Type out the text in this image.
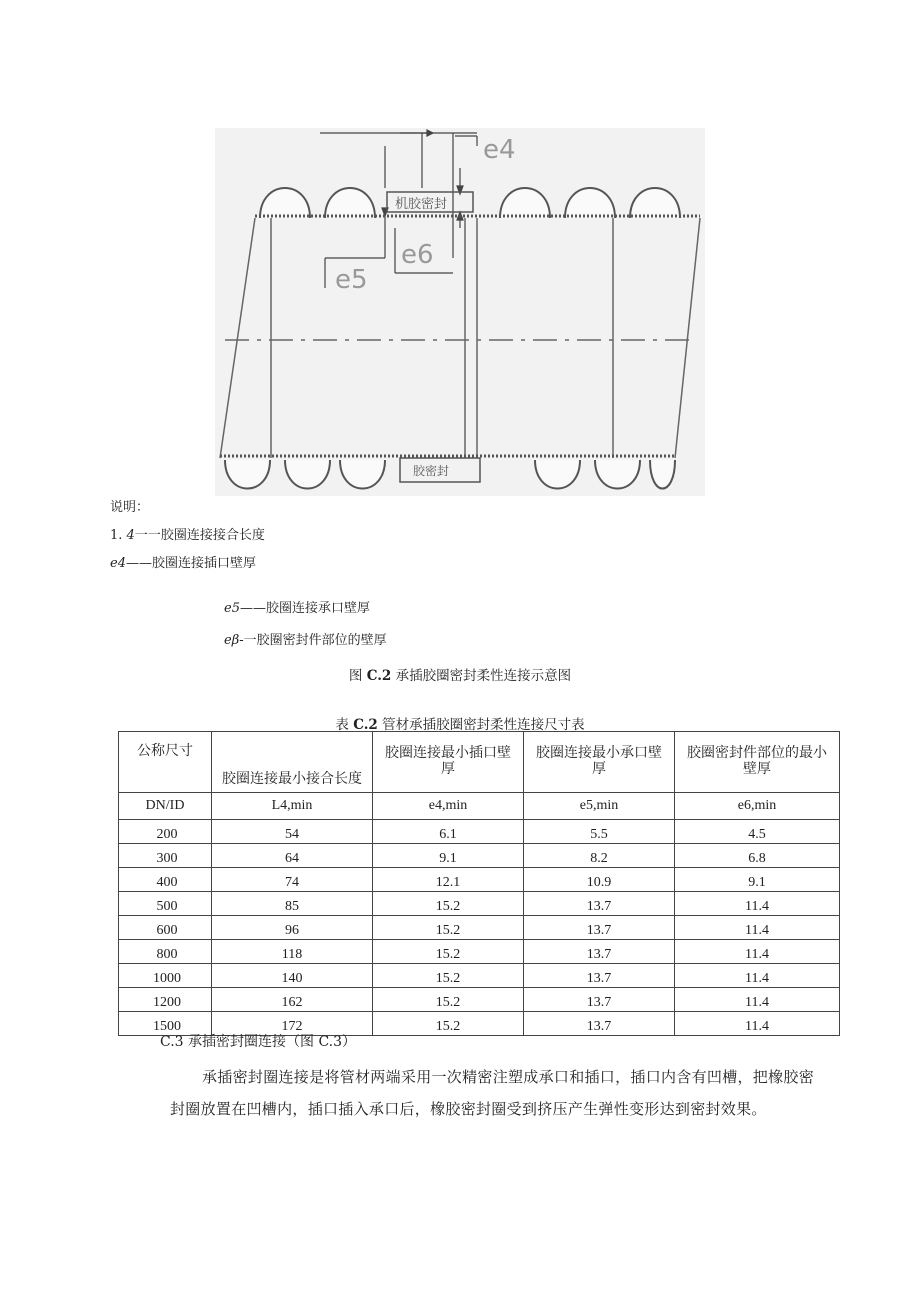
e4
e6
e5
机胶密封
胶密封
说明：
1. 4一一胶圈连接接合长度
e4——胶圈连接插口壁厚
e5——胶圈连接承口壁厚
eβ-一胶圈密封件部位的壁厚
图 C.2 承插胶圈密封柔性连接示意图
表 C.2 管材承插胶圈密封柔性连接尺寸表
公称尺寸	胶圈连接最小接合长度	胶圈连接最小插口壁厚	胶圈连接最小承口壁厚	胶圈密封件部位的最小壁厚
DN/ID	L4,min	e4,min	e5,min	e6,min
200	54	6.1	5.5	4.5
300	64	9.1	8.2	6.8
400	74	12.1	10.9	9.1
500	85	15.2	13.7	11.4
600	96	15.2	13.7	11.4
800	118	15.2	13.7	11.4
1000	140	15.2	13.7	11.4
1200	162	15.2	13.7	11.4
1500	172	15.2	13.7	11.4
C.3 承插密封圈连接（图 C.3）
承插密封圈连接是将管材两端采用一次精密注塑成承口和插口，插口内含有凹槽，把橡胶密
封圈放置在凹槽内，插口插入承口后，橡胶密封圈受到挤压产生弹性变形达到密封效果。
